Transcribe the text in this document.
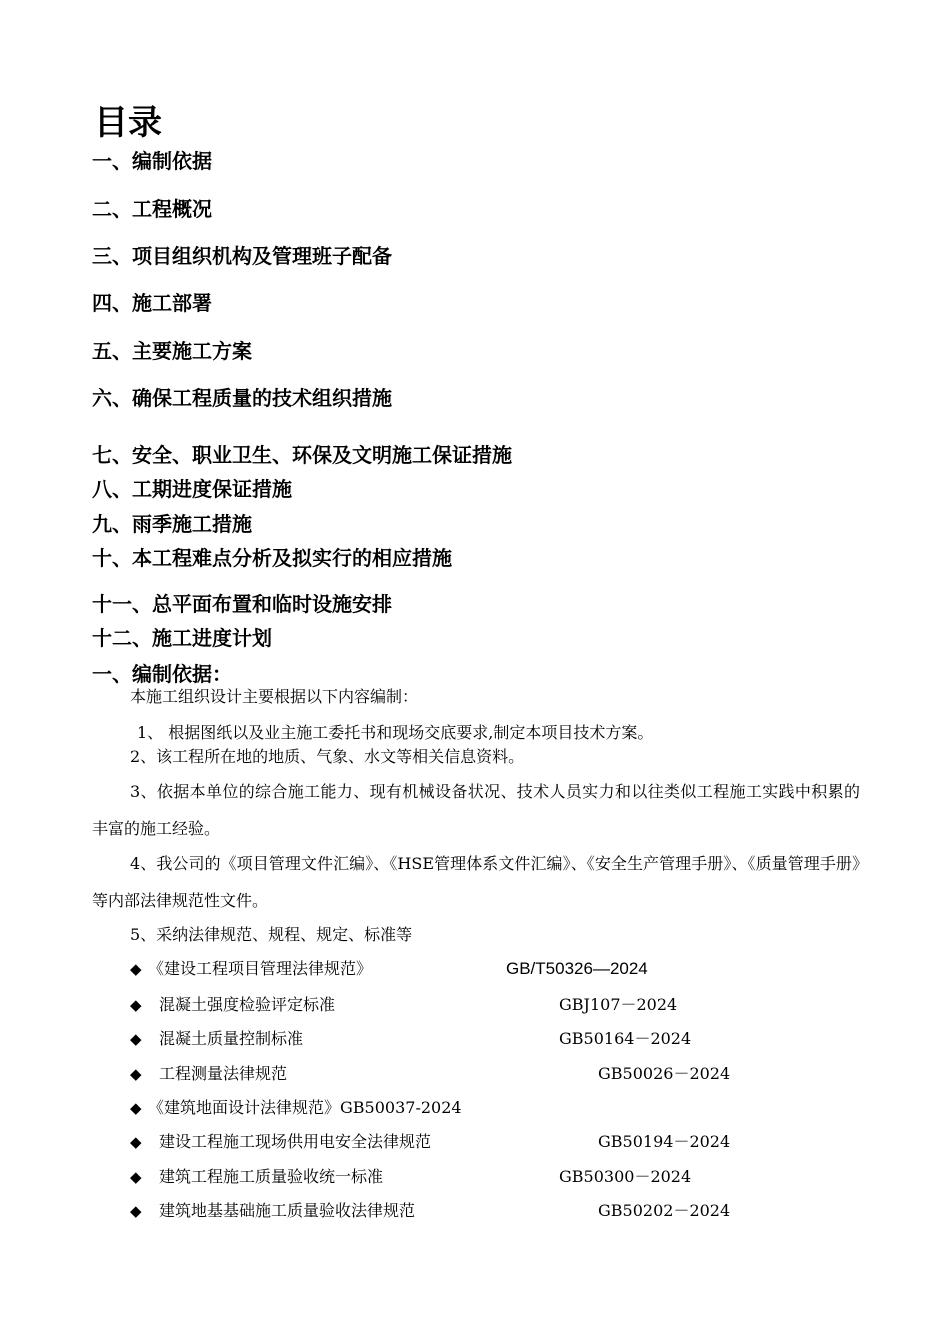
目录
一、编制依据
二、工程概况
三、项目组织机构及管理班子配备
四、施工部署
五、主要施工方案
六、确保工程质量的技术组织措施
七、安全、职业卫生、环保及文明施工保证措施
八、工期进度保证措施
九、雨季施工措施
十、本工程难点分析及拟实行的相应措施
十一、总平面布置和临时设施安排
十二、施工进度计划
一、编制依据：

本施工组织设计主要根据以下内容编制：

1、 根据图纸以及业主施工委托书和现场交底要求,制定本项目技术方案。

2、该工程所在地的地质、气象、水文等相关信息资料。

3、依据本单位的综合施工能力、现有机械设备状况、技术人员实力和以往类似工程施工实践中积累的丰富的施工经验。

4、我公司的《项目管理文件汇编》、《HSE管理体系文件汇编》、《安全生产管理手册》、《质量管理手册》等内部法律规范性文件。

5、采纳法律规范、规程、规定、标准等

◆ 《建设工程项目管理法律规范》	GB/T50326—2024
◆ 混凝土强度检验评定标准	GBJ107－2024
◆ 混凝土质量控制标准	GB50164－2024
◆ 工程测量法律规范	GB50026－2024
◆ 《建筑地面设计法律规范》GB50037-2024
◆ 建设工程施工现场供用电安全法律规范	GB50194－2024
◆ 建筑工程施工质量验收统一标准	GB50300－2024
◆ 建筑地基基础施工质量验收法律规范	GB50202－2024
